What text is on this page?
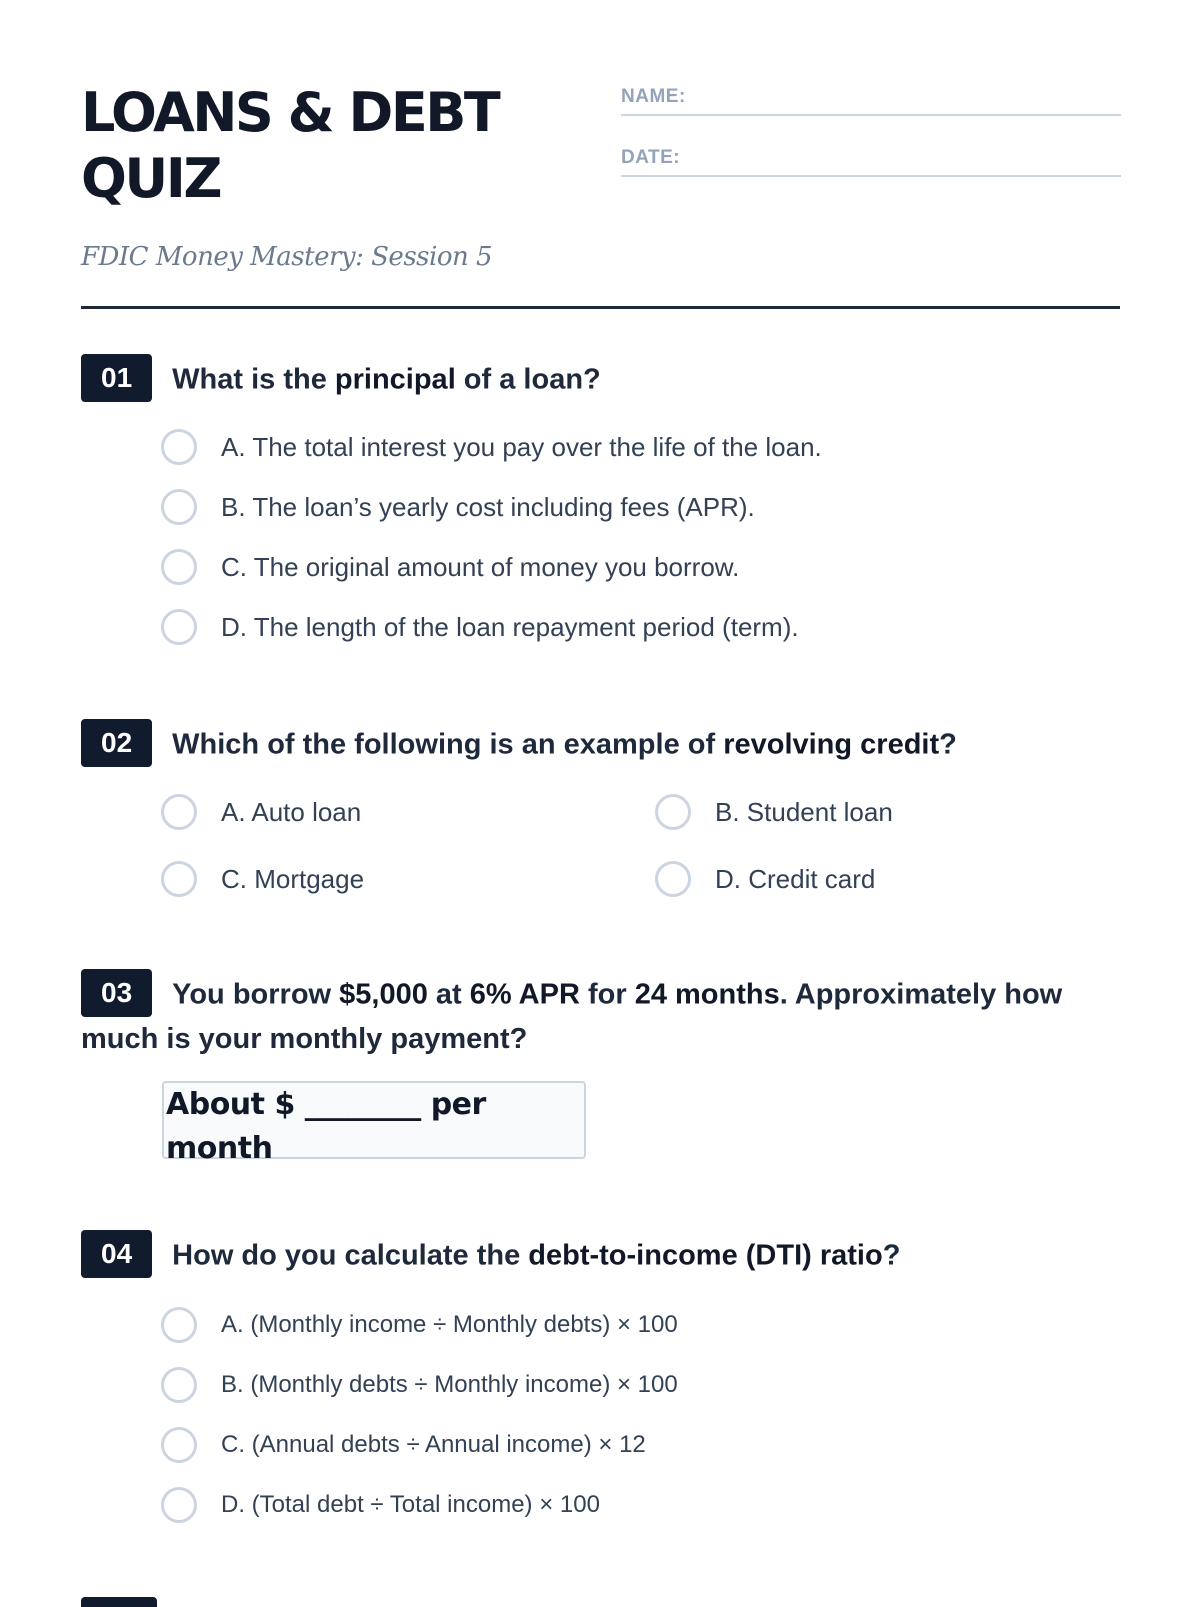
LOANS & DEBT QUIZ
FDIC Money Mastery: Session 5
NAME:
DATE:
01 What is the principal of a loan?
A. The total interest you pay over the life of the loan.
B. The loan’s yearly cost including fees (APR).
C. The original amount of money you borrow.
D. The length of the loan repayment period (term).
02 Which of the following is an example of revolving credit?
A. Auto loan	B. Student loan
C. Mortgage	D. Credit card
03 You borrow $5,000 at 6% APR for 24 months. Approximately how much is your monthly payment?
About $ ________ per month
04 How do you calculate the debt-to-income (DTI) ratio?
A. (Monthly income ÷ Monthly debts) × 100
B. (Monthly debts ÷ Monthly income) × 100
C. (Annual debts ÷ Annual income) × 12
D. (Total debt ÷ Total income) × 100
